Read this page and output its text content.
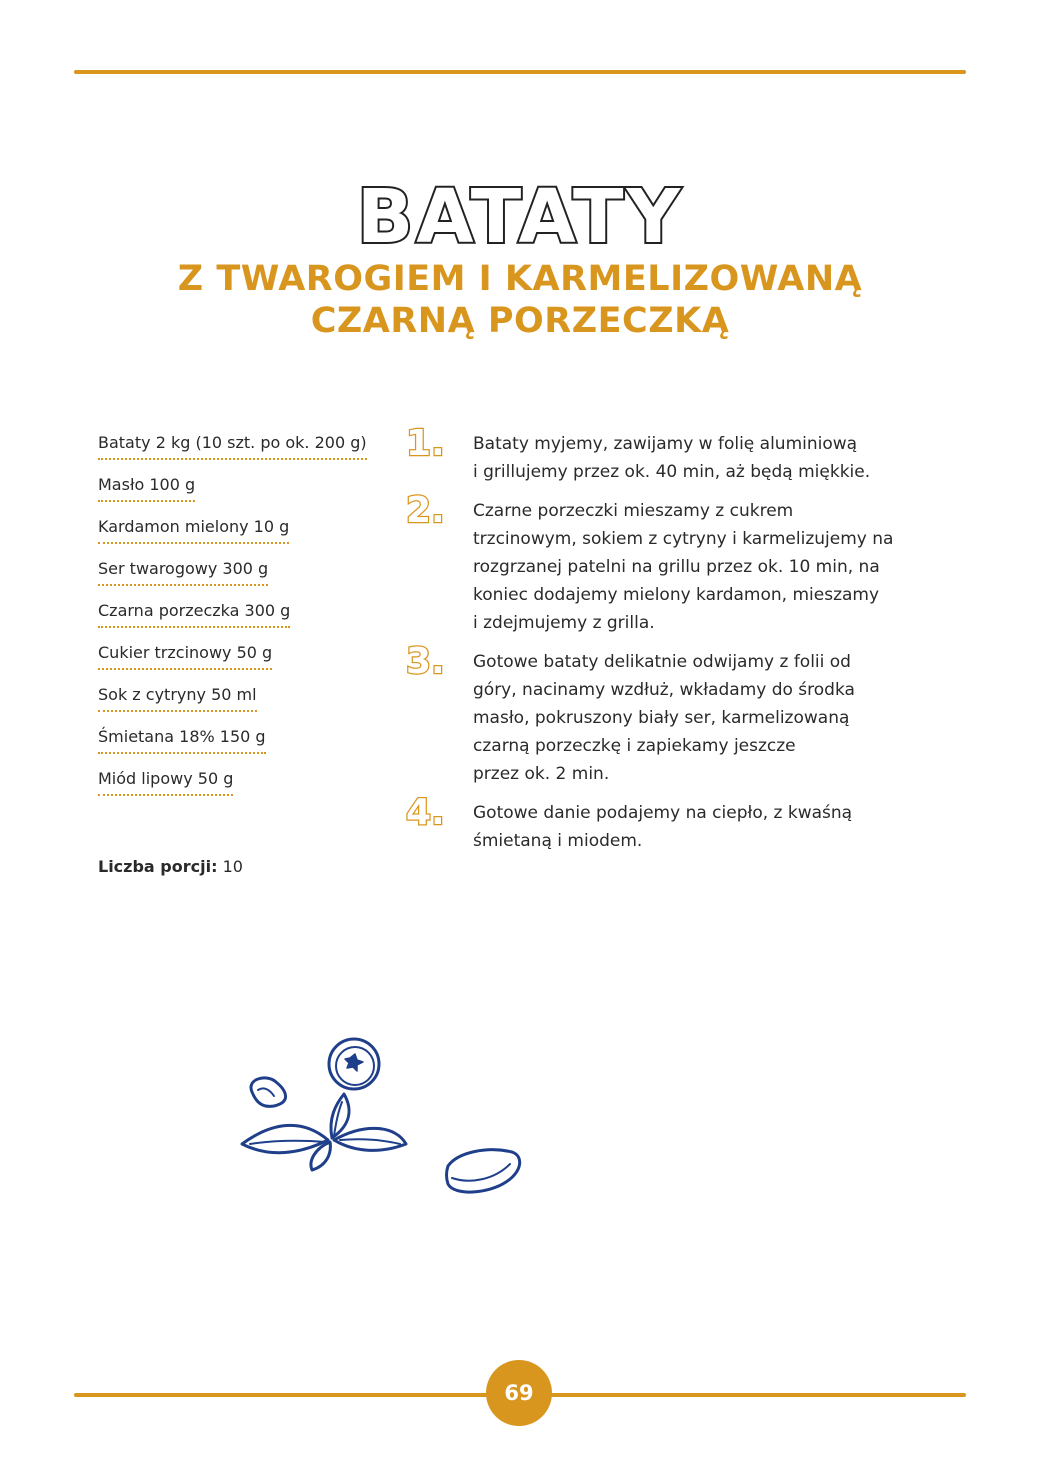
BATATY
Z TWAROGIEM I KARMELIZOWANĄ
CZARNĄ PORZECZKĄ
Bataty 2 kg (10 szt. po ok. 200 g)
Masło 100 g
Kardamon mielony 10 g
Ser twarogowy 300 g
Czarna porzeczka 300 g
Cukier trzcinowy 50 g
Sok z cytryny 50 ml
Śmietana 18% 150 g
Miód lipowy 50 g
Liczba porcji: 10
1.	Bataty myjemy, zawijamy w folię aluminiową
i grillujemy przez ok. 40 min, aż będą miękkie.
2.	Czarne porzeczki mieszamy z cukrem
trzcinowym, sokiem z cytryny i karmelizujemy na
rozgrzanej patelni na grillu przez ok. 10 min, na
koniec dodajemy mielony kardamon, mieszamy
i zdejmujemy z grilla.
3.	Gotowe bataty delikatnie odwijamy z folii od
góry, nacinamy wzdłuż, wkładamy do środka
masło, pokruszony biały ser, karmelizowaną
czarną porzeczkę i zapiekamy jeszcze
przez ok. 2 min.
4.	Gotowe danie podajemy na ciepło, z kwaśną
śmietaną i miodem.
69
